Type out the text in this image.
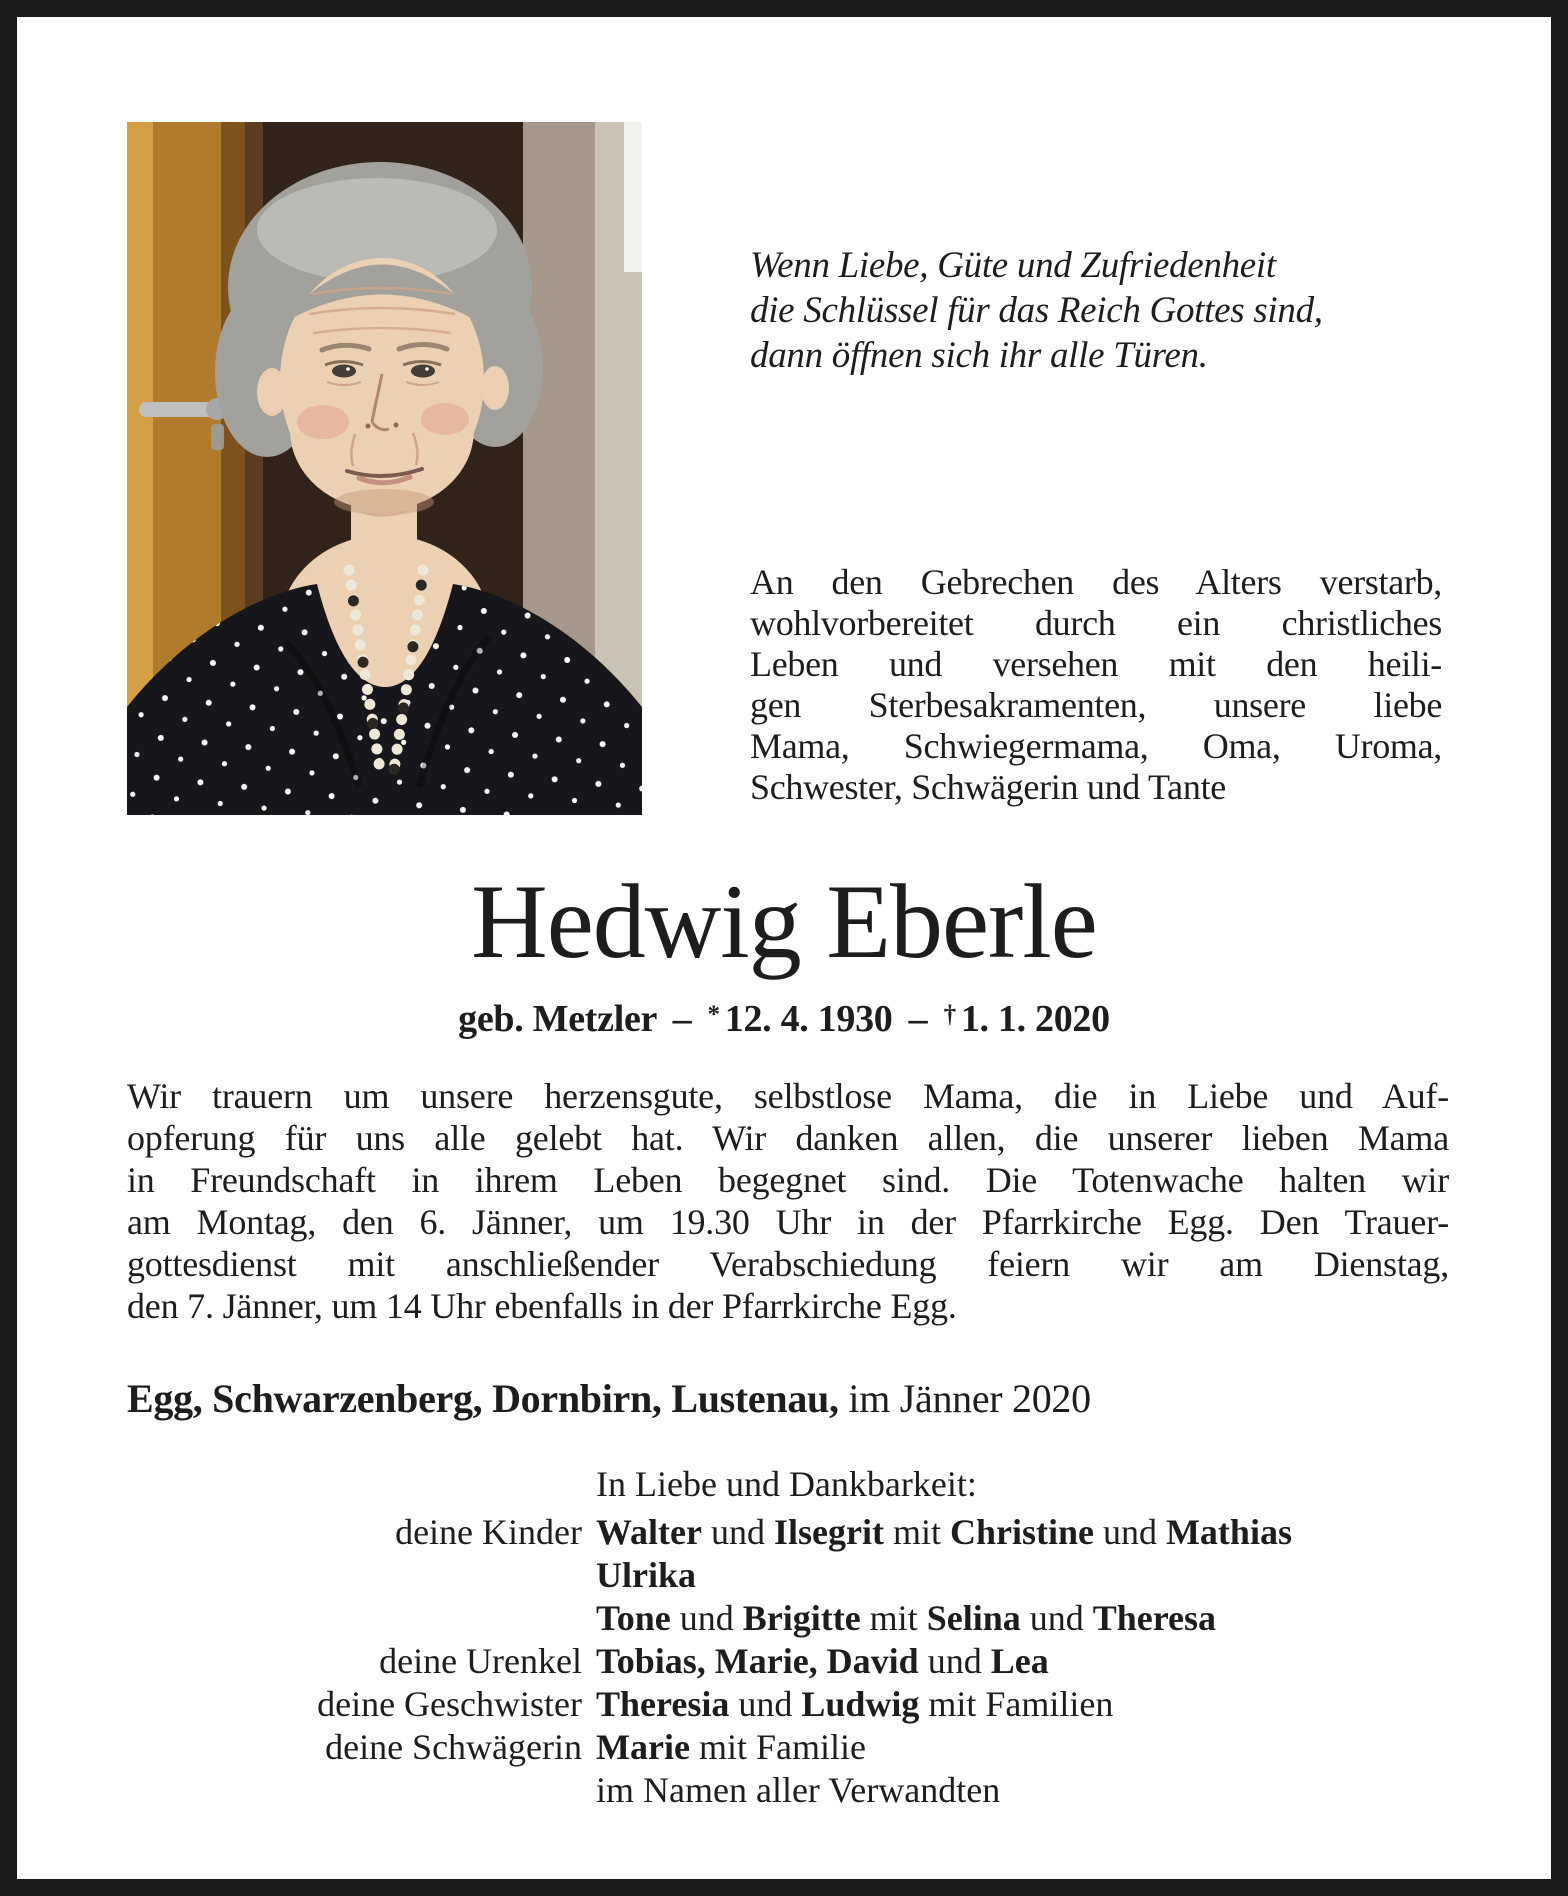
Wenn Liebe, Güte und Zufriedenheit
die Schlüssel für das Reich Gottes sind,
dann öffnen sich ihr alle Türen.
An den Gebrechen des Alters verstarb,
wohlvorbereitet durch ein christliches
Leben und versehen mit den heili-
gen Sterbesakramenten, unsere liebe
Mama, Schwiegermama, Oma, Uroma,
Schwester, Schwägerin und Tante
Hedwig Eberle
geb. Metzler – * 12. 4. 1930 – † 1. 1. 2020
Wir trauern um unsere herzensgute, selbstlose Mama, die in Liebe und Auf-
opferung für uns alle gelebt hat. Wir danken allen, die unserer lieben Mama
in Freundschaft in ihrem Leben begegnet sind. Die Totenwache halten wir
am Montag, den 6. Jänner, um 19.30 Uhr in der Pfarrkirche Egg. Den Trauer-
gottesdienst mit anschließender Verabschiedung feiern wir am Dienstag,
den 7. Jänner, um 14 Uhr ebenfalls in der Pfarrkirche Egg.
Egg, Schwarzenberg, Dornbirn, Lustenau, im Jänner 2020
In Liebe und Dankbarkeit:
deine Kinder Walter und Ilsegrit mit Christine und Mathias
Ulrika
Tone und Brigitte mit Selina und Theresa
deine Urenkel Tobias, Marie, David und Lea
deine Geschwister Theresia und Ludwig mit Familien
deine Schwägerin Marie mit Familie
im Namen aller Verwandten
